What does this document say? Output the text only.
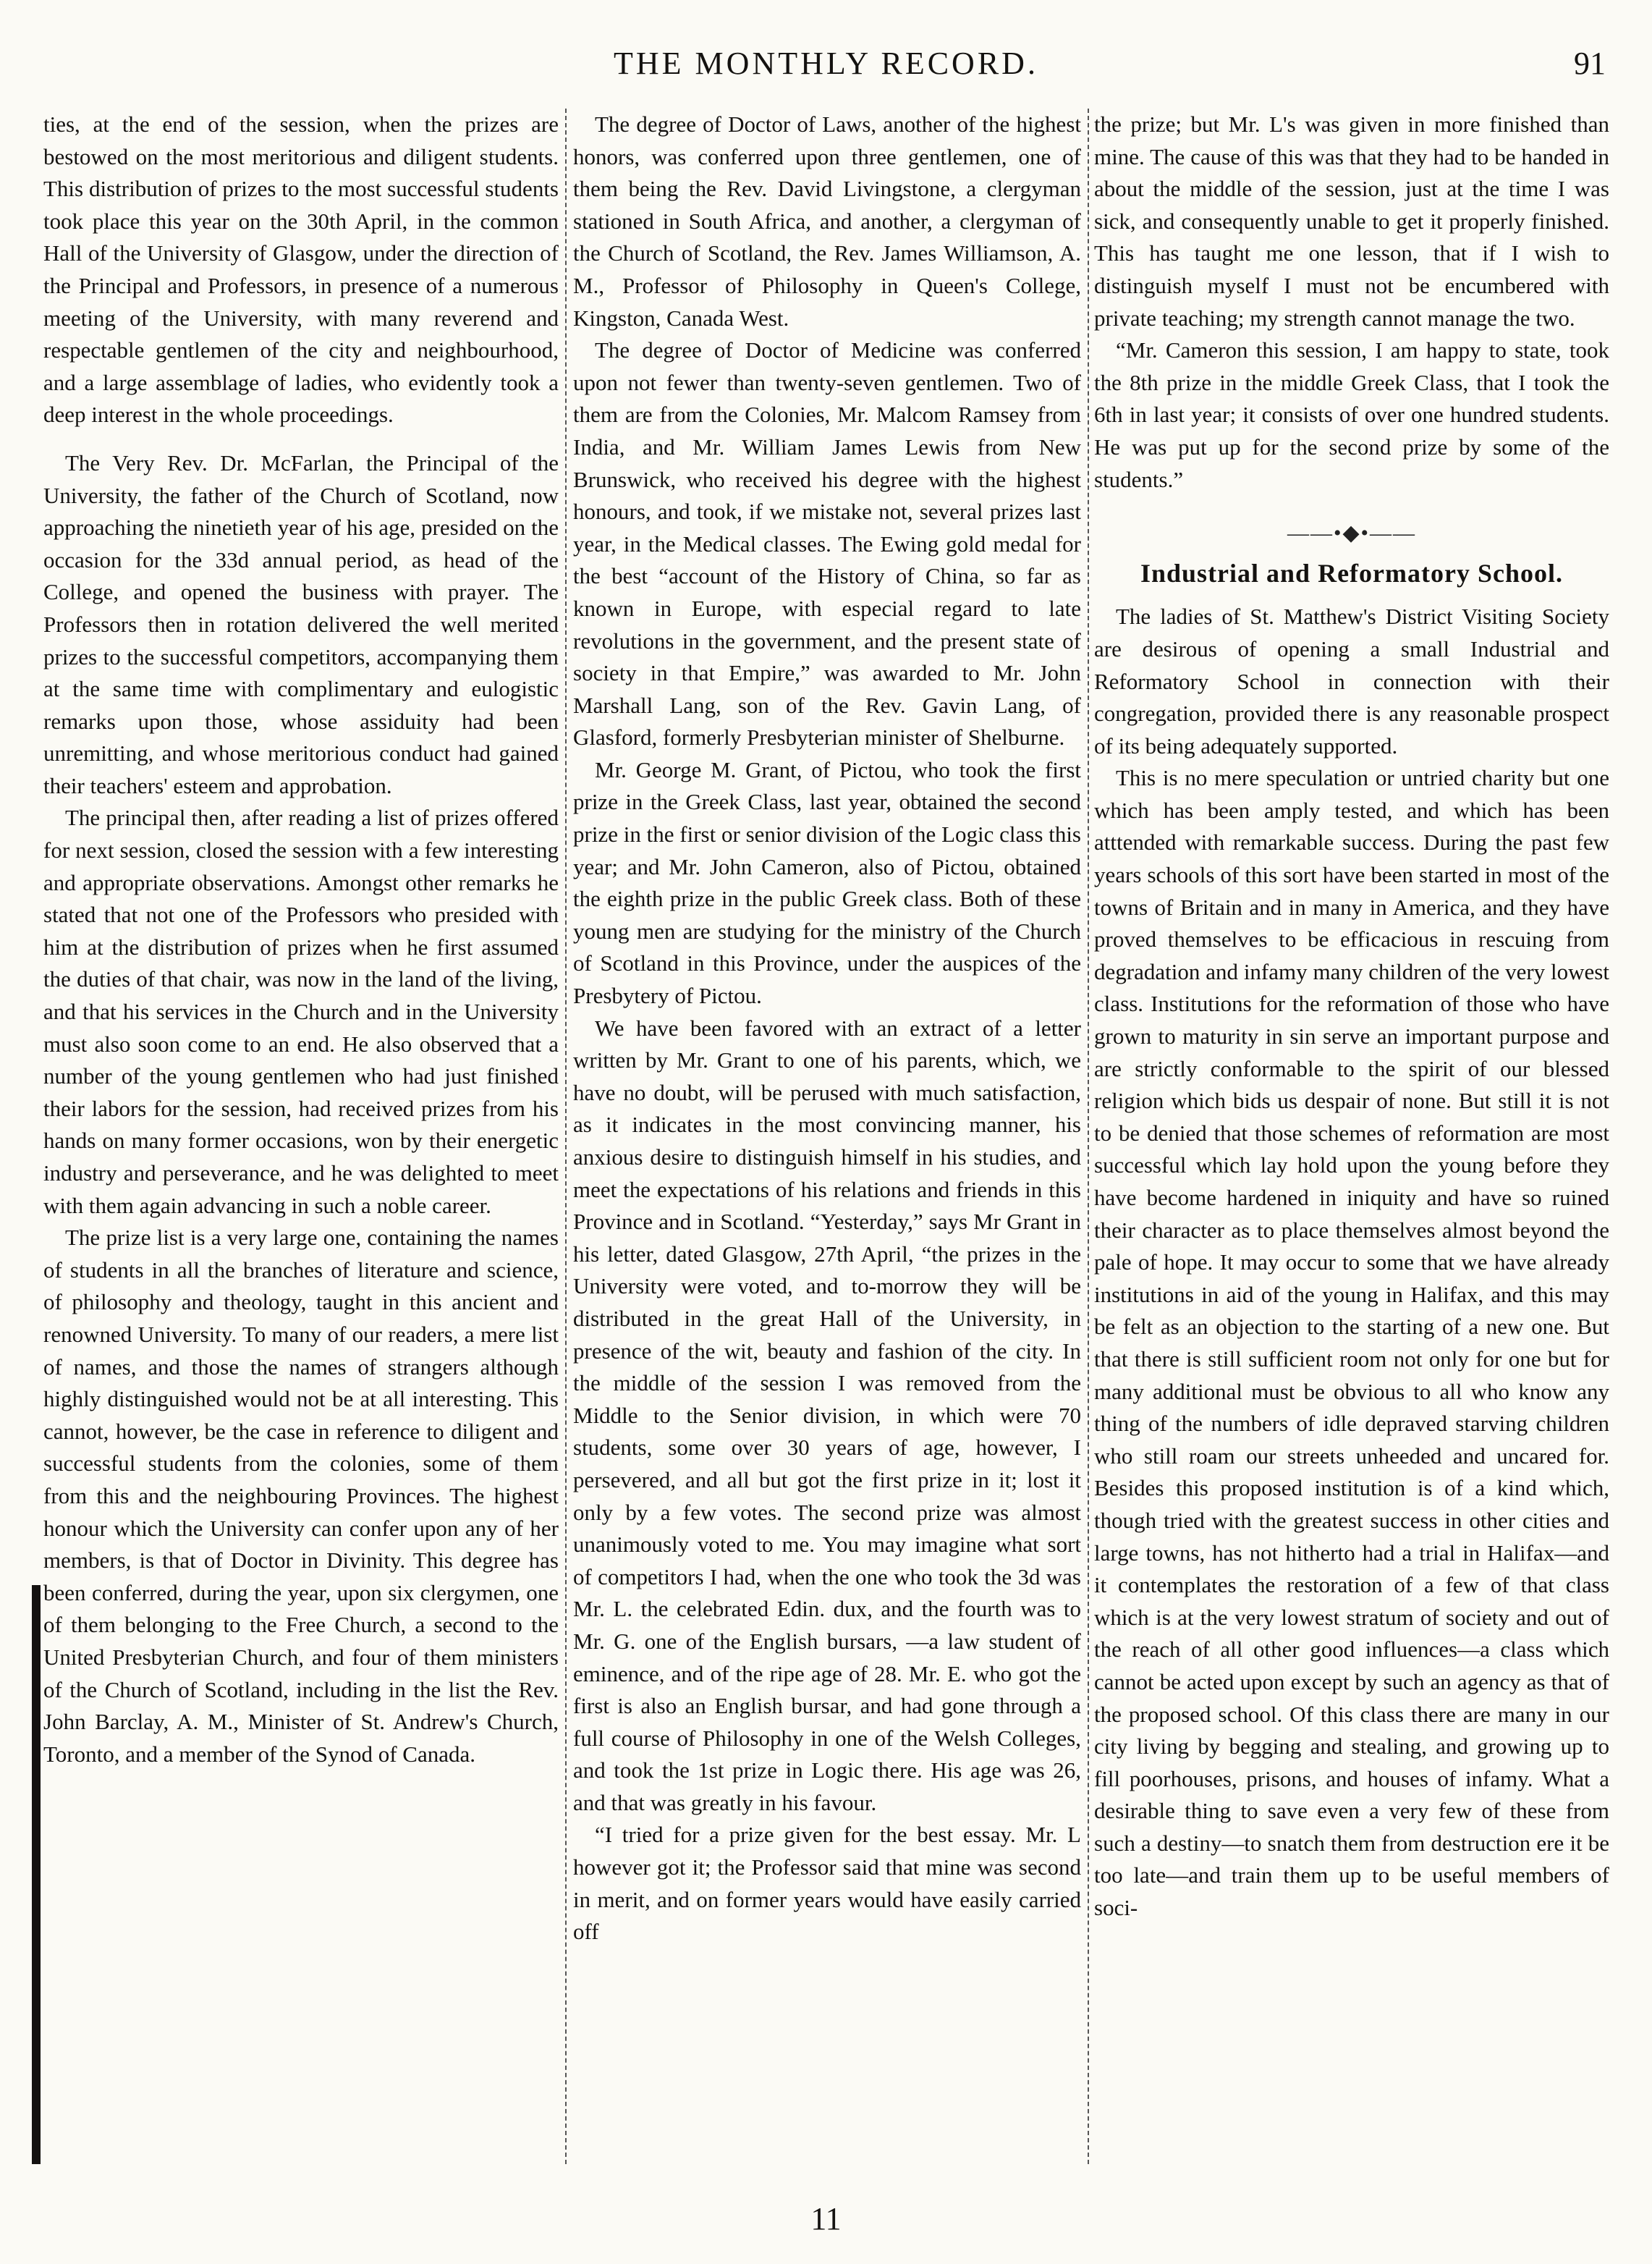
THE MONTHLY RECORD.	91

ties, at the end of the session, when the prizes are bestowed on the most meritorious and diligent students. This distribution of prizes to the most successful students took place this year on the 30th April, in the common Hall of the University of Glasgow, under the direction of the Principal and Professors, in presence of a numerous meeting of the University, with many reverend and respectable gentlemen of the city and neighbourhood, and a large assemblage of ladies, who evidently took a deep interest in the whole proceedings.

The Very Rev. Dr. McFarlan, the Principal of the University, the father of the Church of Scotland, now approaching the ninetieth year of his age, presided on the occasion for the 33d annual period, as head of the College, and opened the business with prayer. The Professors then in rotation delivered the well merited prizes to the successful competitors, accompanying them at the same time with complimentary and eulogistic remarks upon those, whose assiduity had been unremitting, and whose meritorious conduct had gained their teachers' esteem and approbation.

The principal then, after reading a list of prizes offered for next session, closed the session with a few interesting and appropriate observations. Amongst other remarks he stated that not one of the Professors who presided with him at the distribution of prizes when he first assumed the duties of that chair, was now in the land of the living, and that his services in the Church and in the University must also soon come to an end. He also observed that a number of the young gentlemen who had just finished their labors for the session, had received prizes from his hands on many former occasions, won by their energetic industry and perseverance, and he was delighted to meet with them again advancing in such a noble career.

The prize list is a very large one, containing the names of students in all the branches of literature and science, of philosophy and theology, taught in this ancient and renowned University. To many of our readers, a mere list of names, and those the names of strangers although highly distinguished would not be at all interesting. This cannot, however, be the case in reference to diligent and successful students from the colonies, some of them from this and the neighbouring Provinces. The highest honour which the University can confer upon any of her members, is that of Doctor in Divinity. This degree has been conferred, during the year, upon six clergymen, one of them belonging to the Free Church, a second to the United Presbyterian Church, and four of them ministers of the Church of Scotland, including in the list the Rev. John Barclay, A. M., Minister of St. Andrew's Church, Toronto, and a member of the Synod of Canada.

The degree of Doctor of Laws, another of the highest honors, was conferred upon three gentlemen, one of them being the Rev. David Livingstone, a clergyman stationed in South Africa, and another, a clergyman of the Church of Scotland, the Rev. James Williamson, A. M., Professor of Philosophy in Queen's College, Kingston, Canada West.

The degree of Doctor of Medicine was conferred upon not fewer than twenty-seven gentlemen. Two of them are from the Colonies, Mr. Malcom Ramsey from India, and Mr. William James Lewis from New Brunswick, who received his degree with the highest honours, and took, if we mistake not, several prizes last year, in the Medical classes. The Ewing gold medal for the best “account of the History of China, so far as known in Europe, with especial regard to late revolutions in the government, and the present state of society in that Empire,” was awarded to Mr. John Marshall Lang, son of the Rev. Gavin Lang, of Glasford, formerly Presbyterian minister of Shelburne.

Mr. George M. Grant, of Pictou, who took the first prize in the Greek Class, last year, obtained the second prize in the first or senior division of the Logic class this year; and Mr. John Cameron, also of Pictou, obtained the eighth prize in the public Greek class. Both of these young men are studying for the ministry of the Church of Scotland in this Province, under the auspices of the Presbytery of Pictou.

We have been favored with an extract of a letter written by Mr. Grant to one of his parents, which, we have no doubt, will be perused with much satisfaction, as it indicates in the most convincing manner, his anxious desire to distinguish himself in his studies, and meet the expectations of his relations and friends in this Province and in Scotland. “Yesterday,” says Mr Grant in his letter, dated Glasgow, 27th April, “the prizes in the University were voted, and to-morrow they will be distributed in the great Hall of the University, in presence of the wit, beauty and fashion of the city. In the middle of the session I was removed from the Middle to the Senior division, in which were 70 students, some over 30 years of age, however, I persevered, and all but got the first prize in it; lost it only by a few votes. The second prize was almost unanimously voted to me. You may imagine what sort of competitors I had, when the one who took the 3d was Mr. L. the celebrated Edin. dux, and the fourth was to Mr. G. one of the English bursars, —a law student of eminence, and of the ripe age of 28. Mr. E. who got the first is also an English bursar, and had gone through a full course of Philosophy in one of the Welsh Colleges, and took the 1st prize in Logic there. His age was 26, and that was greatly in his favour.

“I tried for a prize given for the best essay. Mr. L however got it; the Professor said that mine was second in merit, and on former years would have easily carried off

the prize; but Mr. L's was given in more finished than mine. The cause of this was that they had to be handed in about the middle of the session, just at the time I was sick, and consequently unable to get it properly finished. This has taught me one lesson, that if I wish to distinguish myself I must not be encumbered with private teaching; my strength cannot manage the two.

“Mr. Cameron this session, I am happy to state, took the 8th prize in the middle Greek Class, that I took the 6th in last year; it consists of over one hundred students. He was put up for the second prize by some of the students.”

——•◆•——
Industrial and Reformatory School.

The ladies of St. Matthew's District Visiting Society are desirous of opening a small Industrial and Reformatory School in connection with their congregation, provided there is any reasonable prospect of its being adequately supported.

This is no mere speculation or untried charity but one which has been amply tested, and which has been atttended with remarkable success. During the past few years schools of this sort have been started in most of the towns of Britain and in many in America, and they have proved themselves to be efficacious in rescuing from degradation and infamy many children of the very lowest class. Institutions for the reformation of those who have grown to maturity in sin serve an important purpose and are strictly conformable to the spirit of our blessed religion which bids us despair of none. But still it is not to be denied that those schemes of reformation are most successful which lay hold upon the young before they have become hardened in iniquity and have so ruined their character as to place themselves almost beyond the pale of hope. It may occur to some that we have already institutions in aid of the young in Halifax, and this may be felt as an objection to the starting of a new one. But that there is still sufficient room not only for one but for many additional must be obvious to all who know any thing of the numbers of idle depraved starving children who still roam our streets unheeded and uncared for. Besides this proposed institution is of a kind which, though tried with the greatest success in other cities and large towns, has not hitherto had a trial in Halifax—and it contemplates the restoration of a few of that class which is at the very lowest stratum of society and out of the reach of all other good influences—a class which cannot be acted upon except by such an agency as that of the proposed school. Of this class there are many in our city living by begging and stealing, and growing up to fill poorhouses, prisons, and houses of infamy. What a desirable thing to save even a very few of these from such a destiny—to snatch them from destruction ere it be too late—and train them up to be useful members of soci-

11
